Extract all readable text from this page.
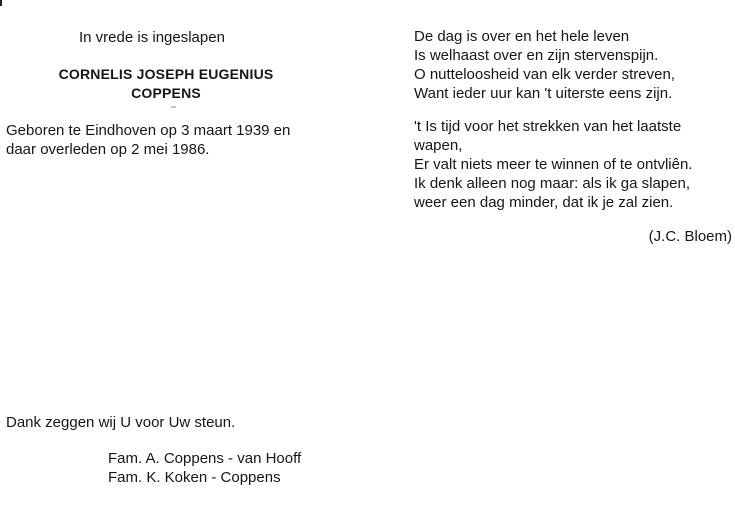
In vrede is ingeslapen
CORNELIS JOSEPH EUGENIUS
COPPENS
Geboren te Eindhoven op 3 maart 1939 en
daar overleden op 2 mei 1986.
Dank zeggen wij U voor Uw steun.
Fam. A. Coppens - van Hooff
Fam. K. Koken - Coppens
De dag is over en het hele leven
Is welhaast over en zijn stervenspijn.
O nutteloosheid van elk verder streven,
Want ieder uur kan 't uiterste eens zijn.
't Is tijd voor het strekken van het laatste
wapen,
Er valt niets meer te winnen of te ontvliên.
Ik denk alleen nog maar: als ik ga slapen,
weer een dag minder, dat ik je zal zien.
(J.C. Bloem)
